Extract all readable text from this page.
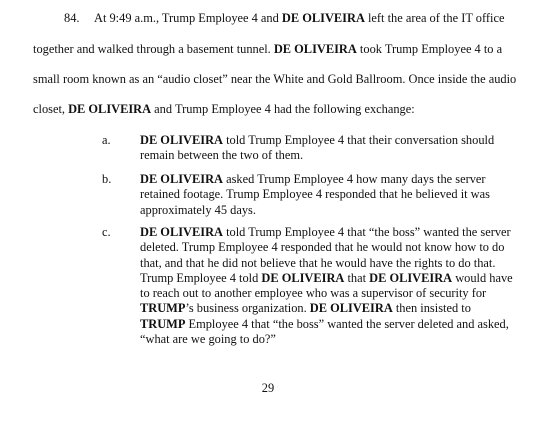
84. At 9:49 a.m., Trump Employee 4 and DE OLIVEIRA left the area of the IT office
together and walked through a basement tunnel. DE OLIVEIRA took Trump Employee 4 to a
small room known as an “audio closet” near the White and Gold Ballroom. Once inside the audio
closet, DE OLIVEIRA and Trump Employee 4 had the following exchange:
a. DE OLIVEIRA told Trump Employee 4 that their conversation should
remain between the two of them.
b. DE OLIVEIRA asked Trump Employee 4 how many days the server
retained footage. Trump Employee 4 responded that he believed it was
approximately 45 days.
c. DE OLIVEIRA told Trump Employee 4 that “the boss” wanted the server
deleted. Trump Employee 4 responded that he would not know how to do
that, and that he did not believe that he would have the rights to do that.
Trump Employee 4 told DE OLIVEIRA that DE OLIVEIRA would have
to reach out to another employee who was a supervisor of security for
TRUMP’s business organization. DE OLIVEIRA then insisted to
TRUMP Employee 4 that “the boss” wanted the server deleted and asked,
“what are we going to do?”
29
